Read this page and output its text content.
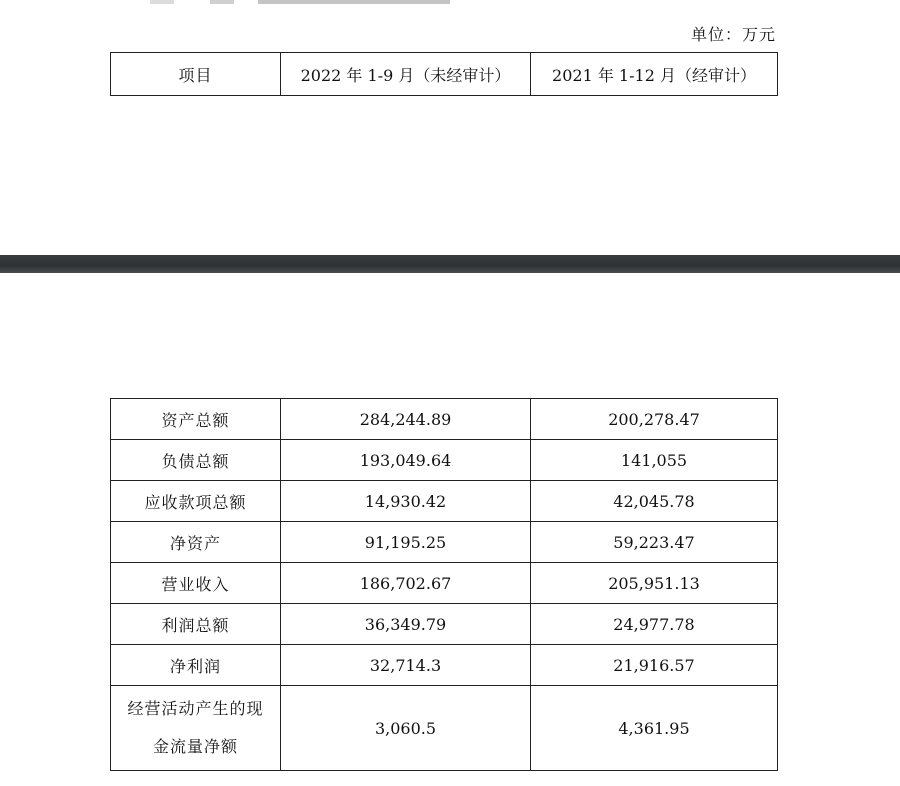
单位：万元
项目	2022 年 1-9 月（未经审计）	2021 年 1-12 月（经审计）
资产总额	284,244.89	200,278.47
负债总额	193,049.64	141,055
应收款项总额	14,930.42	42,045.78
净资产	91,195.25	59,223.47
营业收入	186,702.67	205,951.13
利润总额	36,349.79	24,977.78
净利润	32,714.3	21,916.57

经营活动产生的现
金流量净额	3,060.5	4,361.95
